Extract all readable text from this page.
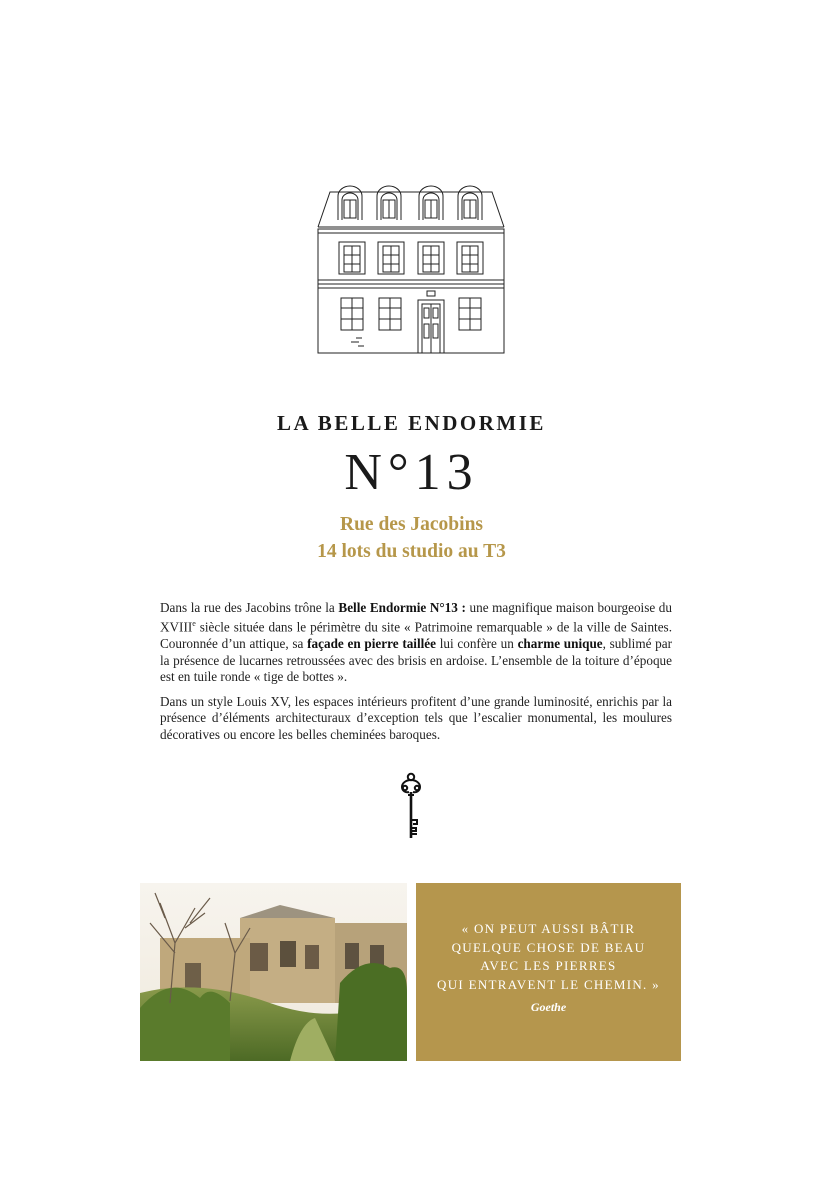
LA BELLE ENDORMIE
N°13
Rue des Jacobins
14 lots du studio au T3
Dans la rue des Jacobins trône la Belle Endormie N°13 : une magnifique maison bourgeoise du XVIIIe siècle située dans le périmètre du site « Patrimoine remarquable » de la ville de Saintes. Couronnée d’un attique, sa façade en pierre taillée lui confère un charme unique, sublimé par la présence de lucarnes retroussées avec des brisis en ardoise. L’ensemble de la toiture d’époque est en tuile ronde « tige de bottes ».
Dans un style Louis XV, les espaces intérieurs profitent d’une grande luminosité, enrichis par la présence d’éléments architecturaux d’exception tels que l’escalier monumental, les moulures décoratives ou encore les belles cheminées baroques.
« ON PEUT AUSSI BÂTIR
QUELQUE CHOSE DE BEAU
AVEC LES PIERRES
QUI ENTRAVENT LE CHEMIN. »
Goethe
